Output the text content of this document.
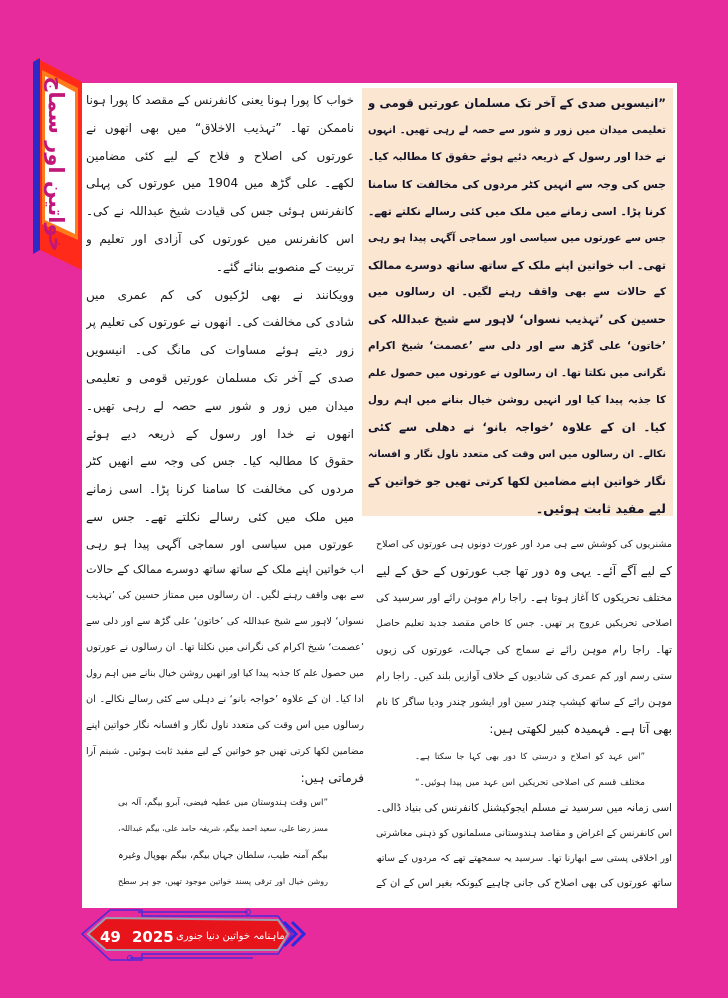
خواتین اور سماج	”انیسویں صدی کے آخر تک مسلمان عورتیں قومی و
تعلیمی میدان میں زور و شور سے حصہ لے رہی تھیں۔ انہوں
نے خدا اور رسول کے ذریعہ دئیے ہوئے حقوق کا مطالبہ کیا۔
جس کی وجہ سے انہیں کٹر مردوں کی مخالفت کا سامنا
کرنا پڑا۔ اسی زمانے میں ملک میں کئی رسالے نکلتے تھے۔
جس سے عورتوں میں سیاسی اور سماجی آگہی پیدا ہو رہی
تھی۔ اب خواتین اپنے ملک کے ساتھ ساتھ دوسرے ممالک
کے حالات سے بھی واقف رہنے لگیں۔ ان رسالوں میں
حسین کی ’تہذیب نسواں‘ لاہور سے شیخ عبداللہ کی
’خاتون‘ علی گڑھ سے اور دلی سے ’عصمت‘ شیخ اکرام
نگرانی میں نکلتا تھا۔ ان رسالوں نے عورتوں میں حصول علم
کا جذبہ پیدا کیا اور انہیں روشن خیال بنانے میں اہم رول
کیا۔ ان کے علاوہ ’خواجہ بانو‘ نے دھلی سے کئی
نکالے۔ ان رسالوں میں اس وقت کی متعدد ناول نگار و افسانہ
نگار خواتین اپنے مضامین لکھا کرتی تھیں جو خواتین کے
لیے مفید ثابت ہوئیں۔
خواب کا پورا ہونا یعنی کانفرنس کے مقصد کا پورا ہونا
ناممکن تھا۔ ”تہذیب الاخلاق“ میں بھی انھوں نے
عورتوں کی اصلاح و فلاح کے لیے کئی مضامین
لکھے۔ علی گڑھ میں 1904 میں عورتوں کی پہلی
کانفرنس ہوئی جس کی قیادت شیخ عبداللہ نے کی۔
اس کانفرنس میں عورتوں کی آزادی اور تعلیم و
تربیت کے منصوبے بنائے گئے۔
وویکانند نے بھی لڑکیوں کی کم عمری میں
شادی کی مخالفت کی۔ انھوں نے عورتوں کی تعلیم پر
زور دیتے ہوئے مساوات کی مانگ کی۔ انیسویں
صدی کے آخر تک مسلمان عورتیں قومی و تعلیمی
میدان میں زور و شور سے حصہ لے رہی تھیں۔
انھوں نے خدا اور رسول کے ذریعہ دیے ہوئے
حقوق کا مطالبہ کیا۔ جس کی وجہ سے انھیں کٹر
مردوں کی مخالفت کا سامنا کرنا پڑا۔ اسی زمانے
میں ملک میں کئی رسالے نکلتے تھے۔ جس سے
عورتوں میں سیاسی اور سماجی آگہی پیدا ہو رہی
اب خواتین اپنے ملک کے ساتھ ساتھ دوسرے ممالک کے حالات
سے بھی واقف رہنے لگیں۔ ان رسالوں میں ممتاز حسین کی ’تہذیب
نسواں‘ لاہور سے شیخ عبداللہ کی ’خاتون‘ علی گڑھ سے اور دلی سے
’عصمت‘ شیخ اکرام کی نگرانی میں نکلتا تھا۔ ان رسالوں نے عورتوں
میں حصول علم کا جذبہ پیدا کیا اور انھیں روشن خیال بنانے میں اہم رول
ادا کیا۔ ان کے علاوہ ’خواجہ بانو‘ نے دہلی سے کئی رسالے نکالے۔ ان
رسالوں میں اس وقت کی متعدد ناول نگار و افسانہ نگار خواتین اپنے
مضامین لکھا کرتی تھیں جو خواتین کے لیے مفید ثابت ہوئیں۔ شبنم آرا
فرماتی ہیں:
”اس وقت ہندوستان میں عطیہ فیضی، آبرو بیگم، آلہ بی
مسز رضا علی، سعید احمد بیگم، شریفہ حامد علی، بیگم عبداللہ،
بیگم آمنہ طیب، سلطان جہاں بیگم، بیگم بھوپال وغیرہ
روشن خیال اور ترقی پسند خواتین موجود تھیں، جو ہر سطح
مشنریوں کی کوشش سے ہی مرد اور عورت دونوں ہی عورتوں کی اصلاح
کے لیے آگے آئے۔ یہی وہ دور تھا جب عورتوں کے حق کے لیے
مختلف تحریکوں کا آغاز ہوتا ہے۔ راجا رام موہن رائے اور سرسید کی
اصلاحی تحریکیں عروج پر تھیں۔ جس کا خاص مقصد جدید تعلیم حاصل
تھا۔ راجا رام موہن رائے نے سماج کی جہالت، عورتوں کی زبوں
ستی رسم اور کم عمری کی شادیوں کے خلاف آوازیں بلند کیں۔ راجا رام
موہن رائے کے ساتھ کیشپ چندر سین اور ایشور چندر ودیا ساگر کا نام
بھی آتا ہے۔ فہمیدہ کبیر لکھتی ہیں:
”اس عہد کو اصلاح و درستی کا دور بھی کہا جا سکتا ہے۔
مختلف قسم کی اصلاحی تحریکیں اس عہد میں پیدا ہوئیں۔“
اسی زمانہ میں سرسید نے مسلم ایجوکیشنل کانفرنس کی بنیاد ڈالی۔
اس کانفرنس کے اغراض و مقاصد ہندوستانی مسلمانوں کو ذہنی معاشرتی
اور اخلاقی پستی سے ابھارنا تھا۔ سرسید یہ سمجھتے تھے کہ مردوں کے ساتھ
ساتھ عورتوں کی بھی اصلاح کی جانی چاہیے کیونکہ بغیر اس کے ان کے
49 2025 جنوری ماہنامہ خواتین دنیا
